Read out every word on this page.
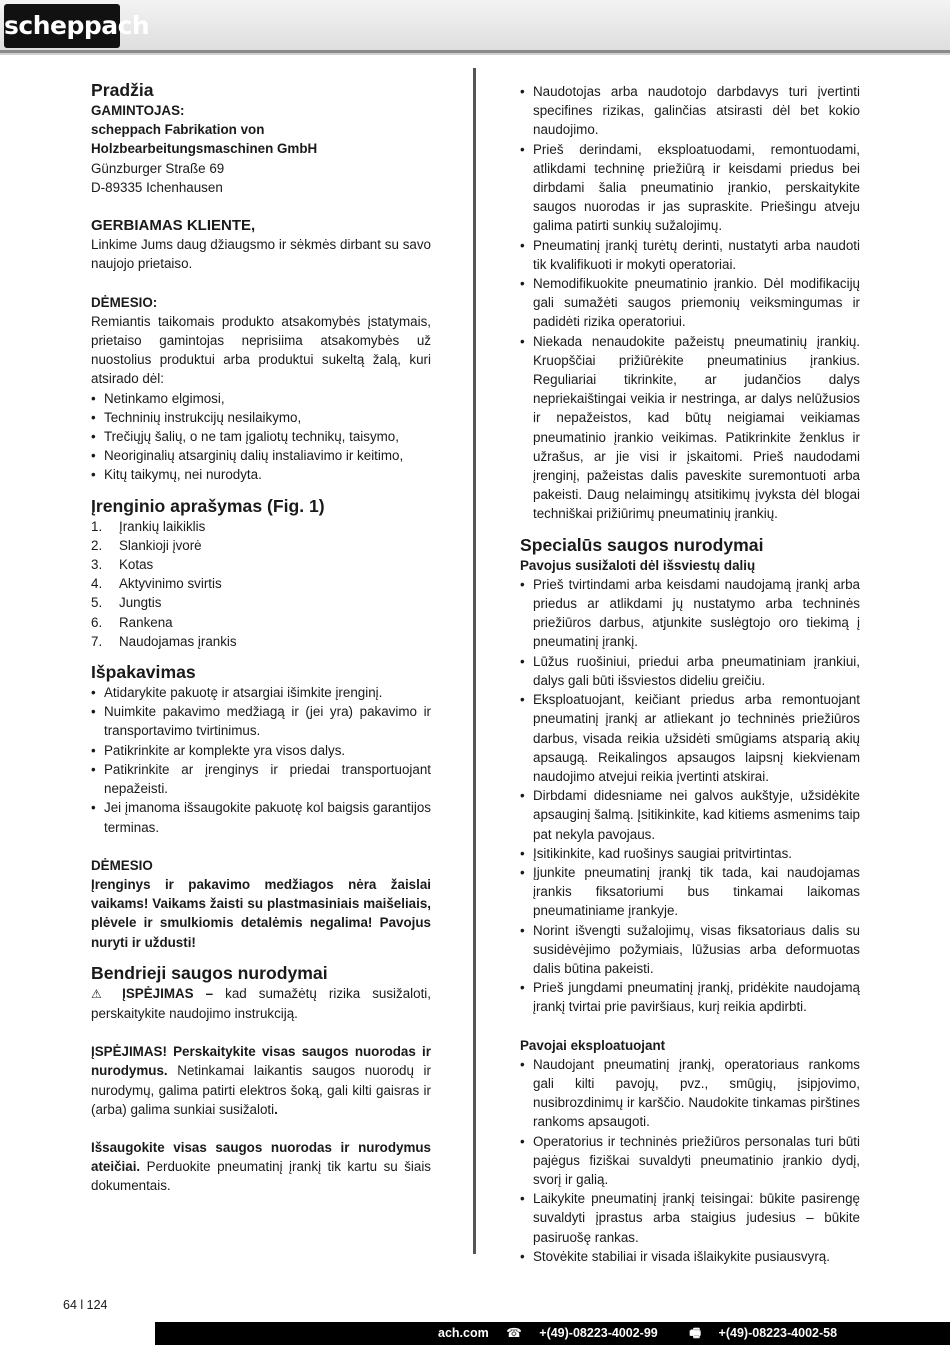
scheppach
Pradžia

GAMINTOJAS:

scheppach Fabrikation von

Holzbearbeitungsmaschinen GmbH

Günzburger Straße 69

D-89335 Ichenhausen

GERBIAMAS KLIENTE,

Linkime Jums daug džiaugsmo ir sėkmės dirbant su savo naujojo prietaiso.

DĖMESIO:

Remiantis taikomais produkto atsakomybės įstatymais, prietaiso gamintojas neprisiima atsakomybės už nuostolius produktui arba produktui sukeltą žalą, kuri atsirado dėl:

• Netinkamo elgimosi,
• Techninių instrukcijų nesilaikymo,
• Trečiųjų šalių, o ne tam įgaliotų technikų, taisymo,
• Neoriginalių atsarginių dalių instaliavimo ir keitimo,
• Kitų taikymų, nei nurodyta.
Įrenginio aprašymas (Fig. 1)
1. Įrankių laikiklis
2. Slankioji įvorė
3. Kotas
4. Aktyvinimo svirtis
5. Jungtis
6. Rankena
7. Naudojamas įrankis
Išpakavimas
• Atidarykite pakuotę ir atsargiai išimkite įrenginį.
• Nuimkite pakavimo medžiagą ir (jei yra) pakavimo ir transportavimo tvirtinimus.
• Patikrinkite ar komplekte yra visos dalys.
• Patikrinkite ar įrenginys ir priedai transportuojant nepažeisti.
• Jei įmanoma išsaugokite pakuotę kol baigsis garantijos terminas.
DĖMESIO

Įrenginys ir pakavimo medžiagos nėra žaislai vaikams! Vaikams žaisti su plastmasiniais maišeliais, plėvele ir smulkiomis detalėmis negalima! Pavojus nuryti ir uždusti!

Bendrieji saugos nurodymai

⚠ ĮSPĖJIMAS – kad sumažėtų rizika susižaloti, perskaitykite naudojimo instrukciją.

ĮSPĖJIMAS! Perskaitykite visas saugos nuorodas ir nurodymus. Netinkamai laikantis saugos nuorodų ir nurodymų, galima patirti elektros šoką, gali kilti gaisras ir (arba) galima sunkiai susižaloti.

Išsaugokite visas saugos nuorodas ir nurodymus ateičiai. Perduokite pneumatinį įrankį tik kartu su šiais dokumentais.

• Naudotojas arba naudotojo darbdavys turi įvertinti specifines rizikas, galinčias atsirasti dėl bet kokio naudojimo.
• Prieš derindami, eksploatuodami, remontuodami, atlikdami techninę priežiūrą ir keisdami priedus bei dirbdami šalia pneumatinio įrankio, perskaitykite saugos nuorodas ir jas supraskite. Priešingu atveju galima patirti sunkių sužalojimų.
• Pneumatinį įrankį turėtų derinti, nustatyti arba naudoti tik kvalifikuoti ir mokyti operatoriai.
• Nemodifikuokite pneumatinio įrankio. Dėl modifikacijų gali sumažėti saugos priemonių veiksmingumas ir padidėti rizika operatoriui.
• Niekada nenaudokite pažeistų pneumatinių įrankių. Kruopščiai prižiūrėkite pneumatinius įrankius. Reguliariai tikrinkite, ar judančios dalys nepriekaištingai veikia ir nestringa, ar dalys nelūžusios ir nepažeistos, kad būtų neigiamai veikiamas pneumatinio įrankio veikimas. Patikrinkite ženklus ir užrašus, ar jie visi ir įskaitomi. Prieš naudodami įrenginį, pažeistas dalis paveskite suremontuoti arba pakeisti. Daug nelaimingų atsitikimų įvyksta dėl blogai techniškai prižiūrimų pneumatinių įrankių.
Specialūs saugos nurodymai
Pavojus susižaloti dėl išsviestų dalių
• Prieš tvirtindami arba keisdami naudojamą įrankį arba priedus ar atlikdami jų nustatymo arba techninės priežiūros darbus, atjunkite suslėgtojo oro tiekimą į pneumatinį įrankį.
• Lūžus ruošiniui, priedui arba pneumatiniam įrankiui, dalys gali būti išsviestos dideliu greičiu.
• Eksploatuojant, keičiant priedus arba remontuojant pneumatinį įrankį ar atliekant jo techninės priežiūros darbus, visada reikia užsidėti smūgiams atsparią akių apsaugą. Reikalingos apsaugos laipsnį kiekvienam naudojimo atvejui reikia įvertinti atskirai.
• Dirbdami didesniame nei galvos aukštyje, užsidėkite apsauginį šalmą. Įsitikinkite, kad kitiems asmenims taip pat nekyla pavojaus.
• Įsitikinkite, kad ruošinys saugiai pritvirtintas.
• Įjunkite pneumatinį įrankį tik tada, kai naudojamas įrankis fiksatoriumi bus tinkamai laikomas pneumatiniame įrankyje.
• Norint išvengti sužalojimų, visas fiksatoriaus dalis su susidėvėjimo požymiais, lūžusias arba deformuotas dalis būtina pakeisti.
• Prieš jungdami pneumatinį įrankį, pridėkite naudojamą įrankį tvirtai prie paviršiaus, kurį reikia apdirbti.
Pavojai eksploatuojant
• Naudojant pneumatinį įrankį, operatoriaus rankoms gali kilti pavojų, pvz., smūgių, įsipjovimo, nusibrozdinimų ir karščio. Naudokite tinkamas pirštines rankoms apsaugoti.
• Operatorius ir techninės priežiūros personalas turi būti pajėgus fiziškai suvaldyti pneumatinio įrankio dydį, svorį ir galią.
• Laikykite pneumatinį įrankį teisingai: būkite pasirengę suvaldyti įprastus arba staigius judesius – būkite pasiruošę rankas.
• Stovėkite stabiliai ir visada išlaikykite pusiausvyrą.
64 l 124
ach.com ☎ +(49)-08223-4002-99	🖷 +(49)-08223-4002-58
